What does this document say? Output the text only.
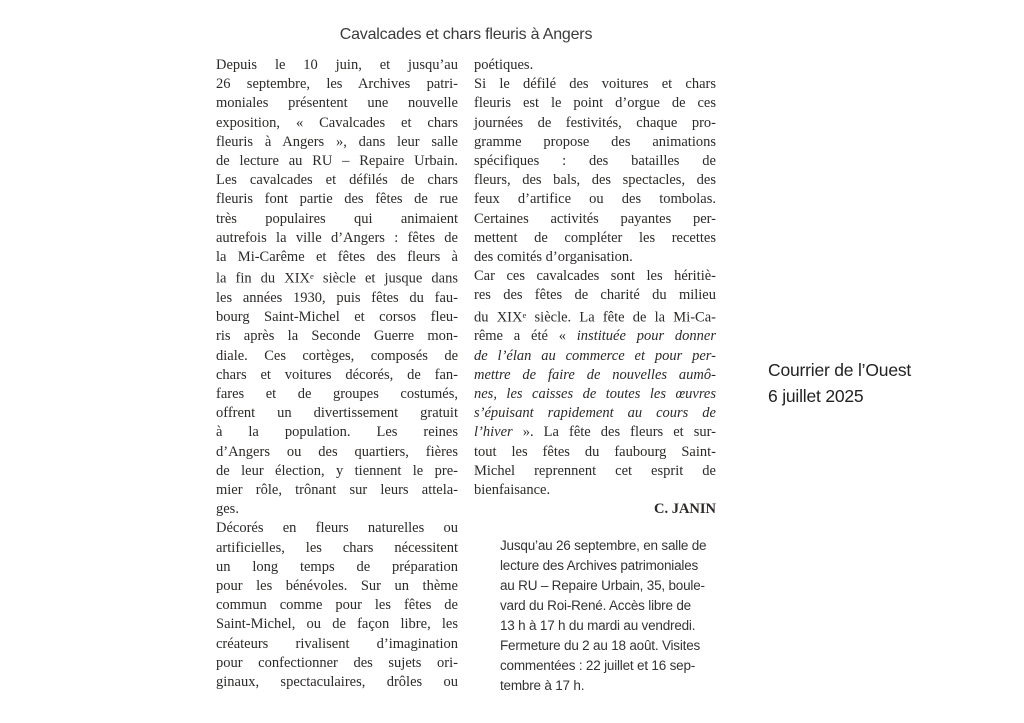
Cavalcades et chars fleuris à Angers
Depuis le 10 juin, et jusqu’au
26 septembre, les Archives patri-
moniales présentent une nouvelle
exposition, « Cavalcades et chars
fleuris à Angers », dans leur salle
de lecture au RU – Repaire Urbain.
Les cavalcades et défilés de chars
fleuris font partie des fêtes de rue
très populaires qui animaient
autrefois la ville d’Angers : fêtes de
la Mi-Carême et fêtes des fleurs à
la fin du XIXe siècle et jusque dans
les années 1930, puis fêtes du fau-
bourg Saint-Michel et corsos fleu-
ris après la Seconde Guerre mon-
diale. Ces cortèges, composés de
chars et voitures décorés, de fan-
fares et de groupes costumés,
offrent un divertissement gratuit
à la population. Les reines
d’Angers ou des quartiers, fières
de leur élection, y tiennent le pre-
mier rôle, trônant sur leurs attela-
ges.
Décorés en fleurs naturelles ou
artificielles, les chars nécessitent
un long temps de préparation
pour les bénévoles. Sur un thème
commun comme pour les fêtes de
Saint-Michel, ou de façon libre, les
créateurs rivalisent d’imagination
pour confectionner des sujets ori-
ginaux, spectaculaires, drôles ou
poétiques.
Si le défilé des voitures et chars
fleuris est le point d’orgue de ces
journées de festivités, chaque pro-
gramme propose des animations
spécifiques : des batailles de
fleurs, des bals, des spectacles, des
feux d’artifice ou des tombolas.
Certaines activités payantes per-
mettent de compléter les recettes
des comités d’organisation.
Car ces cavalcades sont les héritiè-
res des fêtes de charité du milieu
du XIXe siècle. La fête de la Mi-Ca-
rême a été « instituée pour donner
de l’élan au commerce et pour per-
mettre de faire de nouvelles aumô-
nes, les caisses de toutes les œuvres
s’épuisant rapidement au cours de
l’hiver ». La fête des fleurs et sur-
tout les fêtes du faubourg Saint-
Michel reprennent cet esprit de
bienfaisance.
C. JANIN
Jusqu’au 26 septembre, en salle de
lecture des Archives patrimoniales
au RU – Repaire Urbain, 35, boule-
vard du Roi-René. Accès libre de
13 h à 17 h du mardi au vendredi.
Fermeture du 2 au 18 août. Visites
commentées : 22 juillet et 16 sep-
tembre à 17 h.
Courrier de l’Ouest
6 juillet 2025
